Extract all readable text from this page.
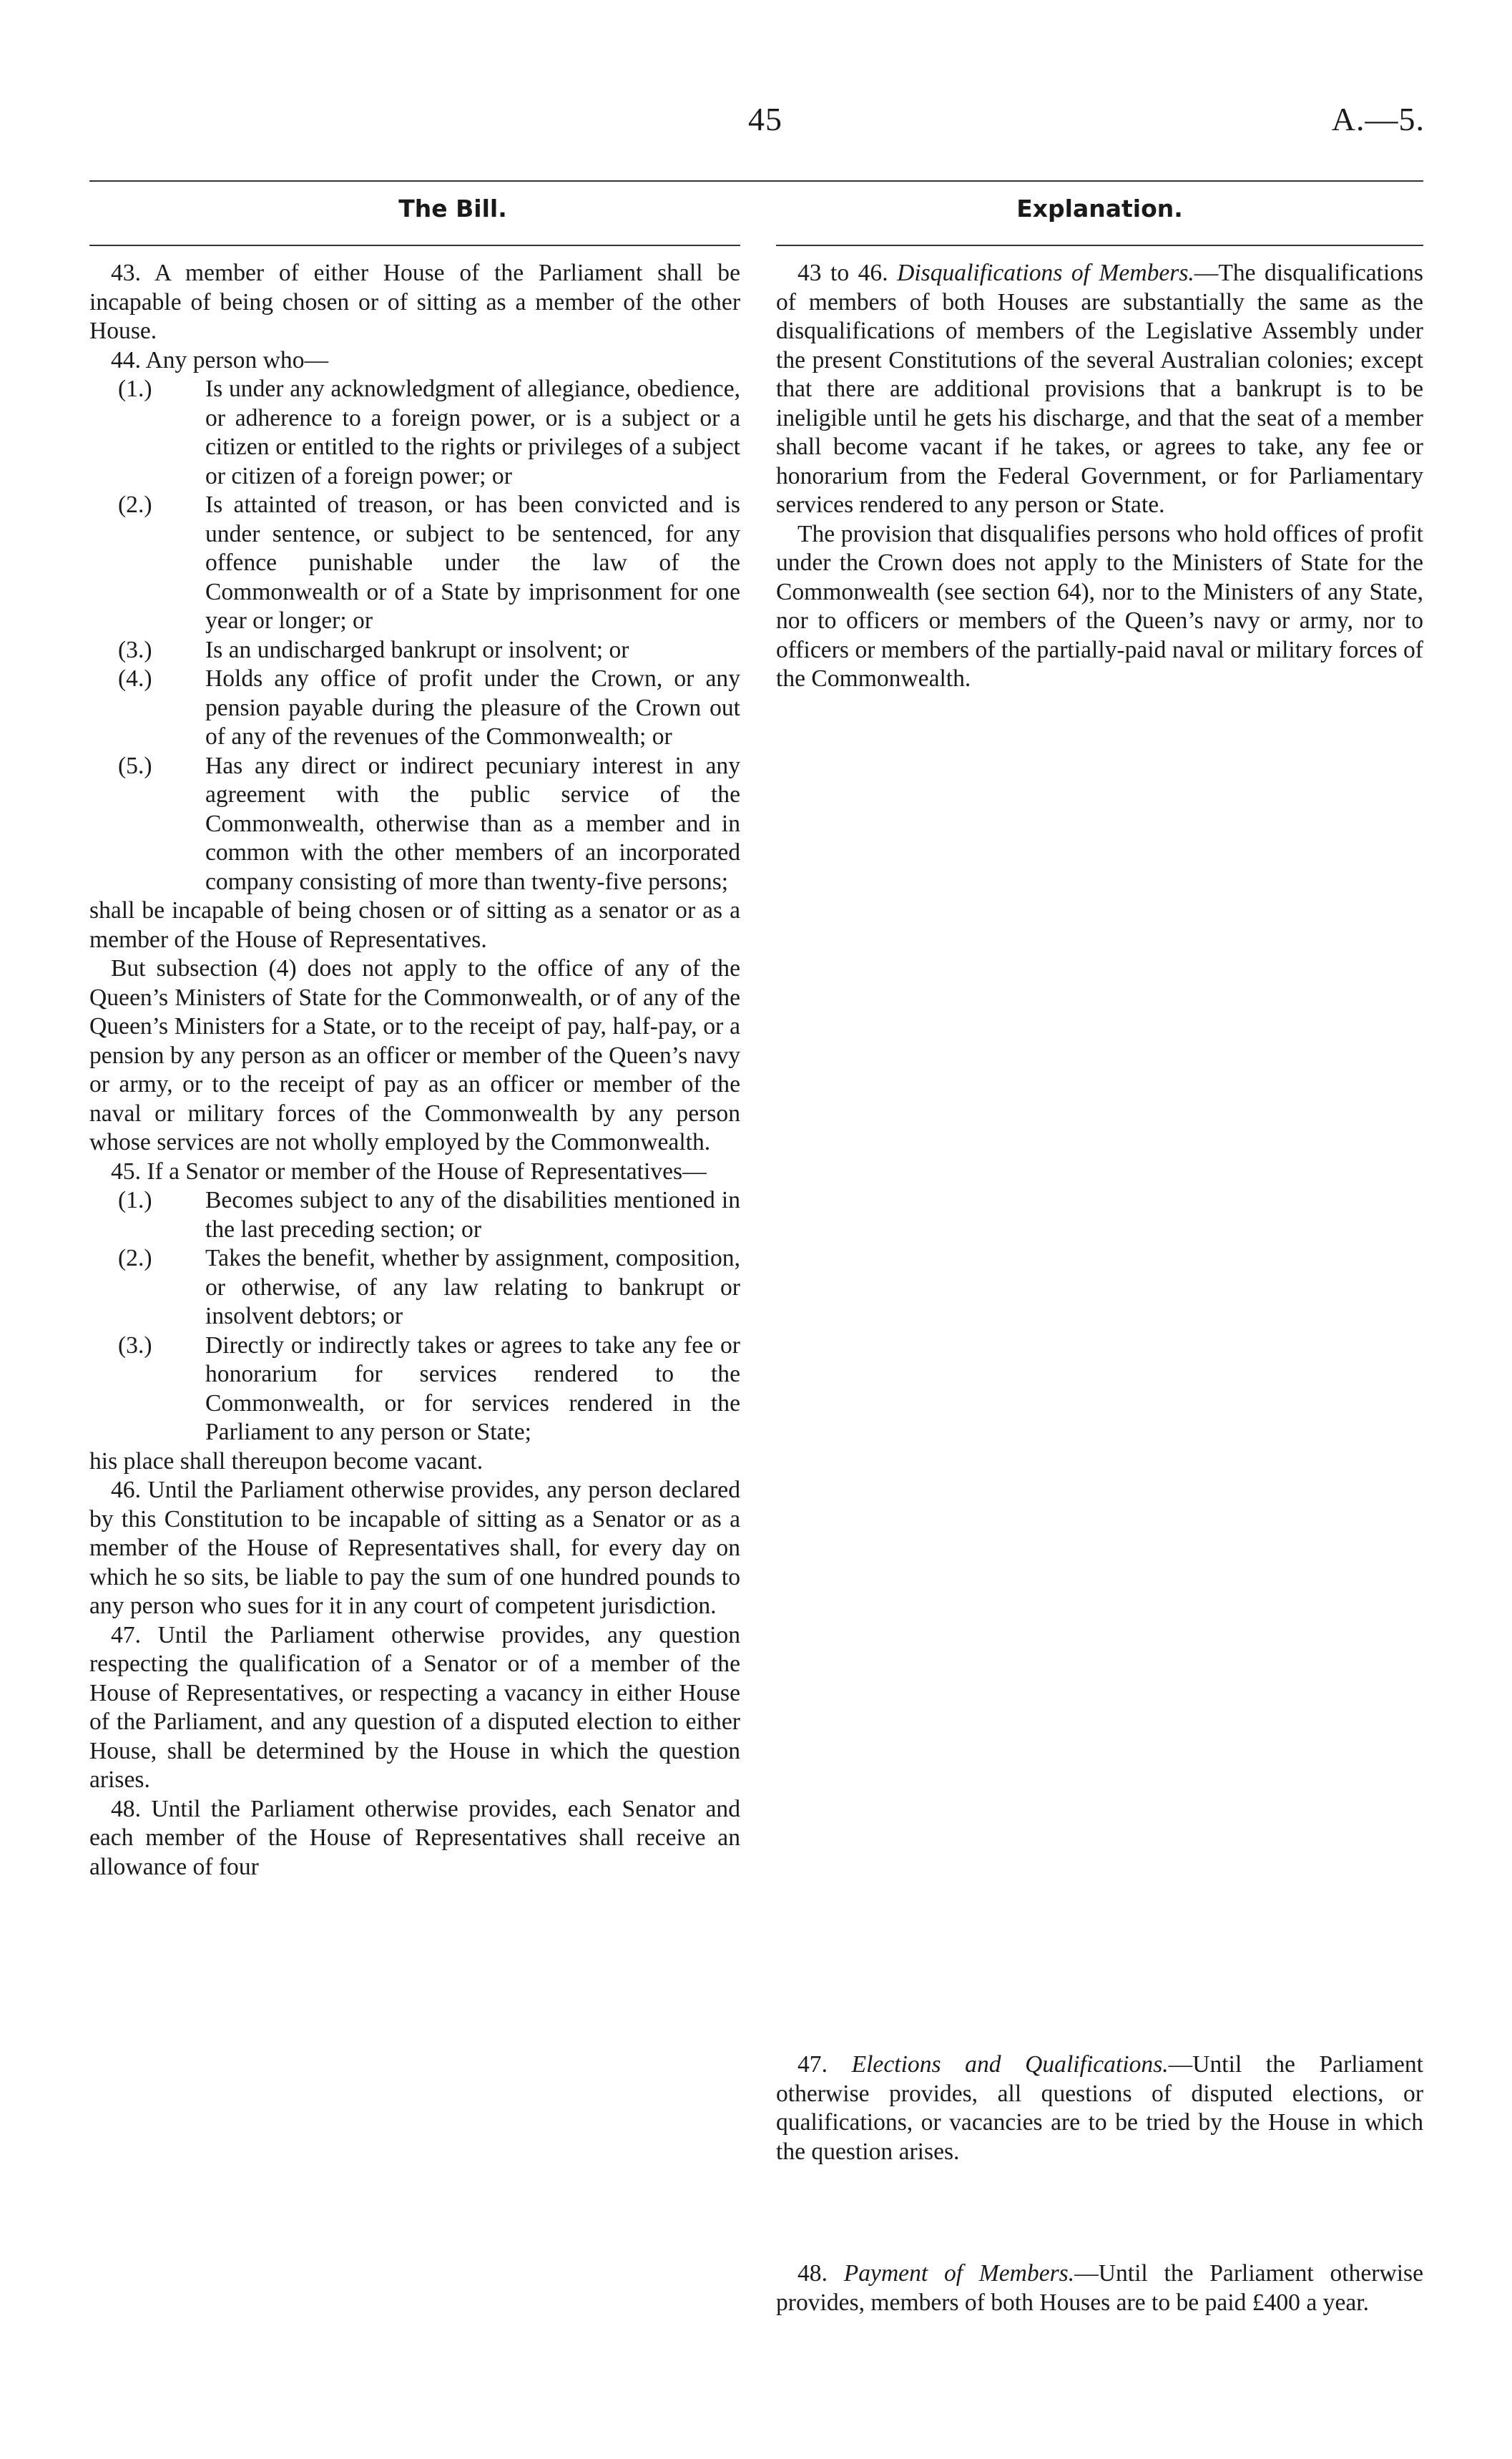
45	A.—5.
The Bill.	Explanation.

43. A member of either House of the Parliament shall be incapable of being chosen or of sitting as a member of the other House.

44. Any person who—

(1.)	Is under any acknowledgment of allegiance, obedience, or adherence to a foreign power, or is a subject or a citizen or entitled to the rights or privileges of a subject or citizen of a foreign power; or
(2.)	Is attainted of treason, or has been convicted and is under sentence, or subject to be sentenced, for any offence punishable under the law of the Commonwealth or of a State by imprisonment for one year or longer; or
(3.)	Is an undischarged bankrupt or insolvent; or
(4.)	Holds any office of profit under the Crown, or any pension payable during the pleasure of the Crown out of any of the revenues of the Commonwealth; or
(5.)	Has any direct or indirect pecuniary interest in any agreement with the public service of the Commonwealth, otherwise than as a member and in common with the other members of an incorporated company consisting of more than twenty-five persons;

shall be incapable of being chosen or of sitting as a senator or as a member of the House of Representatives.

But subsection (4) does not apply to the office of any of the Queen’s Ministers of State for the Commonwealth, or of any of the Queen’s Ministers for a State, or to the receipt of pay, half-pay, or a pension by any person as an officer or member of the Queen’s navy or army, or to the receipt of pay as an officer or member of the naval or military forces of the Commonwealth by any person whose services are not wholly employed by the Commonwealth.

45. If a Senator or member of the House of Representatives—

(1.)	Becomes subject to any of the disabilities mentioned in the last preceding section; or
(2.)	Takes the benefit, whether by assignment, composition, or otherwise, of any law relating to bankrupt or insolvent debtors; or
(3.)	Directly or indirectly takes or agrees to take any fee or honorarium for services rendered to the Commonwealth, or for services rendered in the Parliament to any person or State;

his place shall thereupon become vacant.

46. Until the Parliament otherwise provides, any person declared by this Constitution to be incapable of sitting as a Senator or as a member of the House of Representatives shall, for every day on which he so sits, be liable to pay the sum of one hundred pounds to any person who sues for it in any court of competent jurisdiction.

47. Until the Parliament otherwise provides, any question respecting the qualification of a Senator or of a member of the House of Representatives, or respecting a vacancy in either House of the Parliament, and any question of a disputed election to either House, shall be determined by the House in which the question arises.

48. Until the Parliament otherwise provides, each Senator and each member of the House of Representatives shall receive an allowance of four

43 to 46. Disqualifications of Members.—The disqualifications of members of both Houses are substantially the same as the disqualifications of members of the Legislative Assembly under the present Constitutions of the several Australian colonies; except that there are additional provisions that a bankrupt is to be ineligible until he gets his discharge, and that the seat of a member shall become vacant if he takes, or agrees to take, any fee or honorarium from the Federal Government, or for Parliamentary services rendered to any person or State.

The provision that disqualifies persons who hold offices of profit under the Crown does not apply to the Ministers of State for the Commonwealth (see section 64), nor to the Ministers of any State, nor to officers or members of the Queen’s navy or army, nor to officers or members of the partially-paid naval or military forces of the Commonwealth.

47. Elections and Qualifications.—Until the Parliament otherwise provides, all questions of disputed elections, or qualifications, or vacancies are to be tried by the House in which the question arises.

48. Payment of Members.—Until the Parliament otherwise provides, members of both Houses are to be paid £400 a year.
